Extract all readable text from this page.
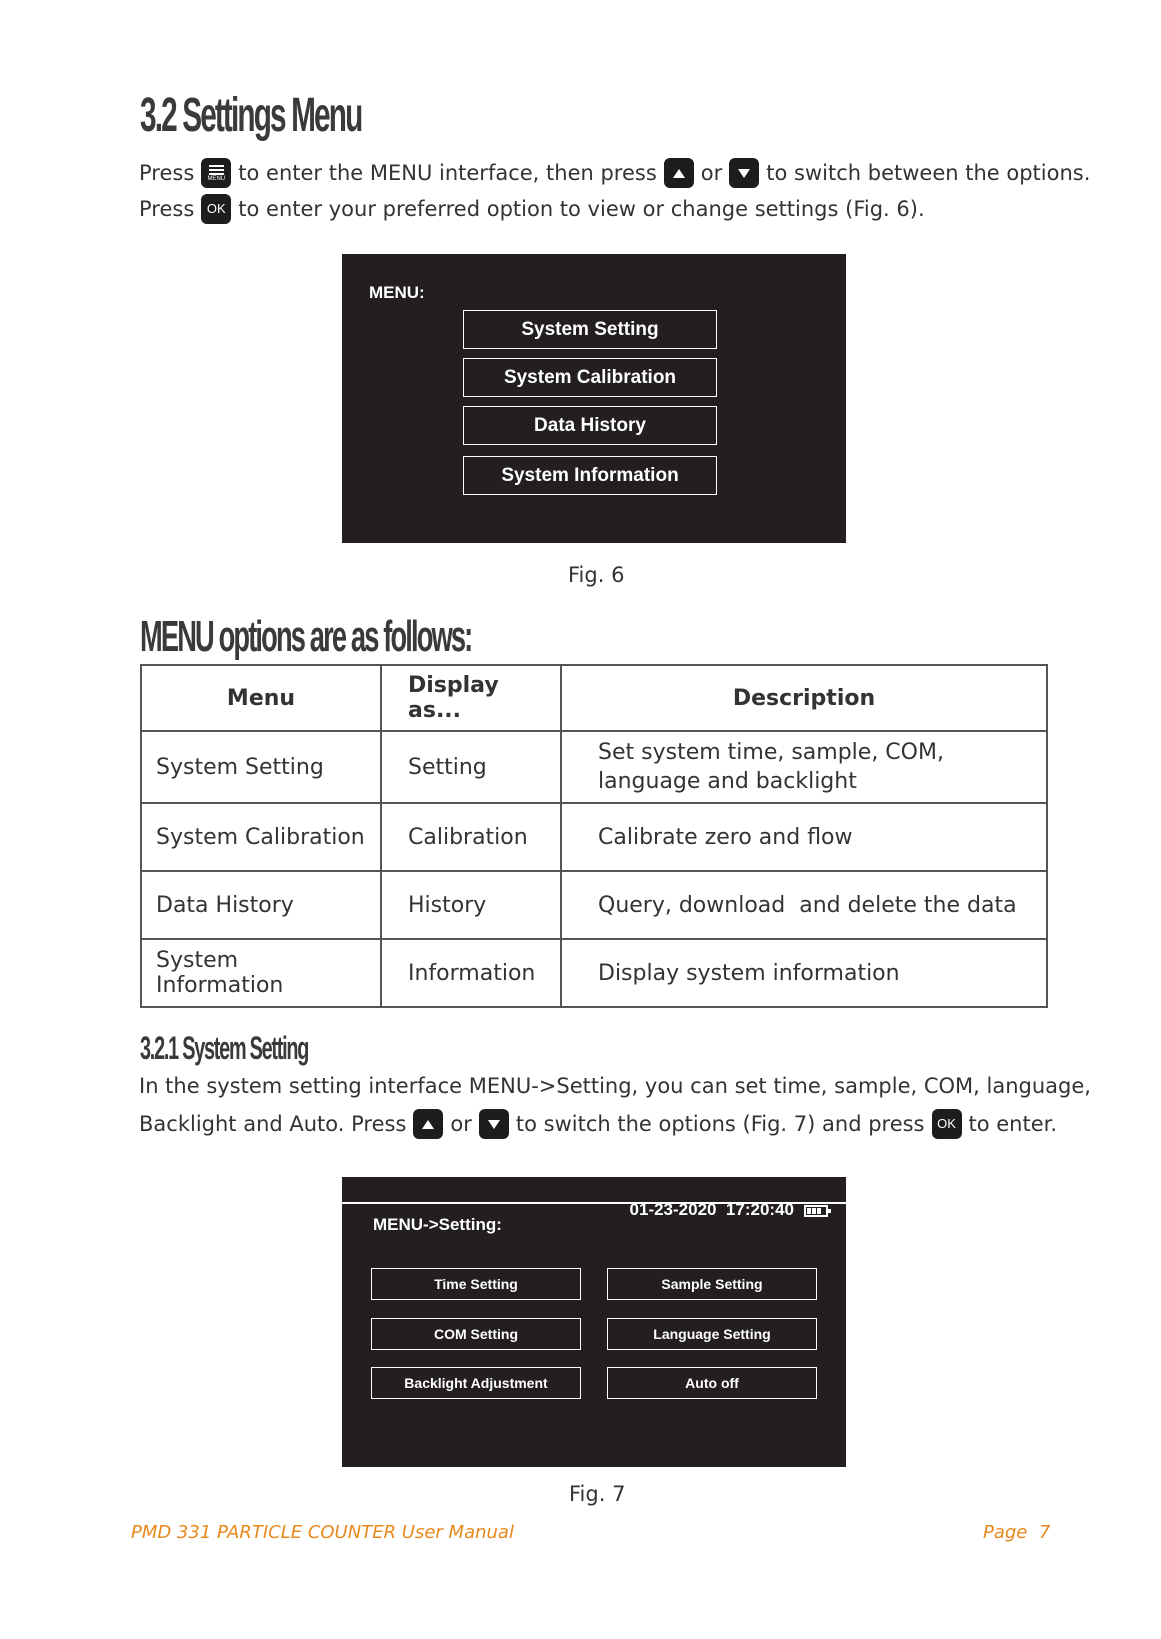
3.2 Settings Menu

Press MENU to enter the MENU interface, then press or to switch between the options.

Press OK to enter your preferred option to view or change settings (Fig. 6).

MENU:
System Setting
System Calibration
Data History
System Information
Fig. 6
MENU options are as follows:
Menu	Display as...	Description
System Setting	Setting	Set system time, sample, COM, language and backlight
System Calibration	Calibration	Calibrate zero and flow
Data History	History	Query, download  and delete the data
System Information	Information	Display system information
3.2.1 System Setting

In the system setting interface MENU->Setting, you can set time, sample, COM, language,

Backlight and Auto. Press or to switch the options (Fig. 7) and press OK to enter.

01-23-2020  17:20:40

MENU->Setting:
Time Setting	Sample Setting
COM Setting	Language Setting
Backlight Adjustment	Auto off
Fig. 7
PMD 331 PARTICLE COUNTER User Manual	Page  7
